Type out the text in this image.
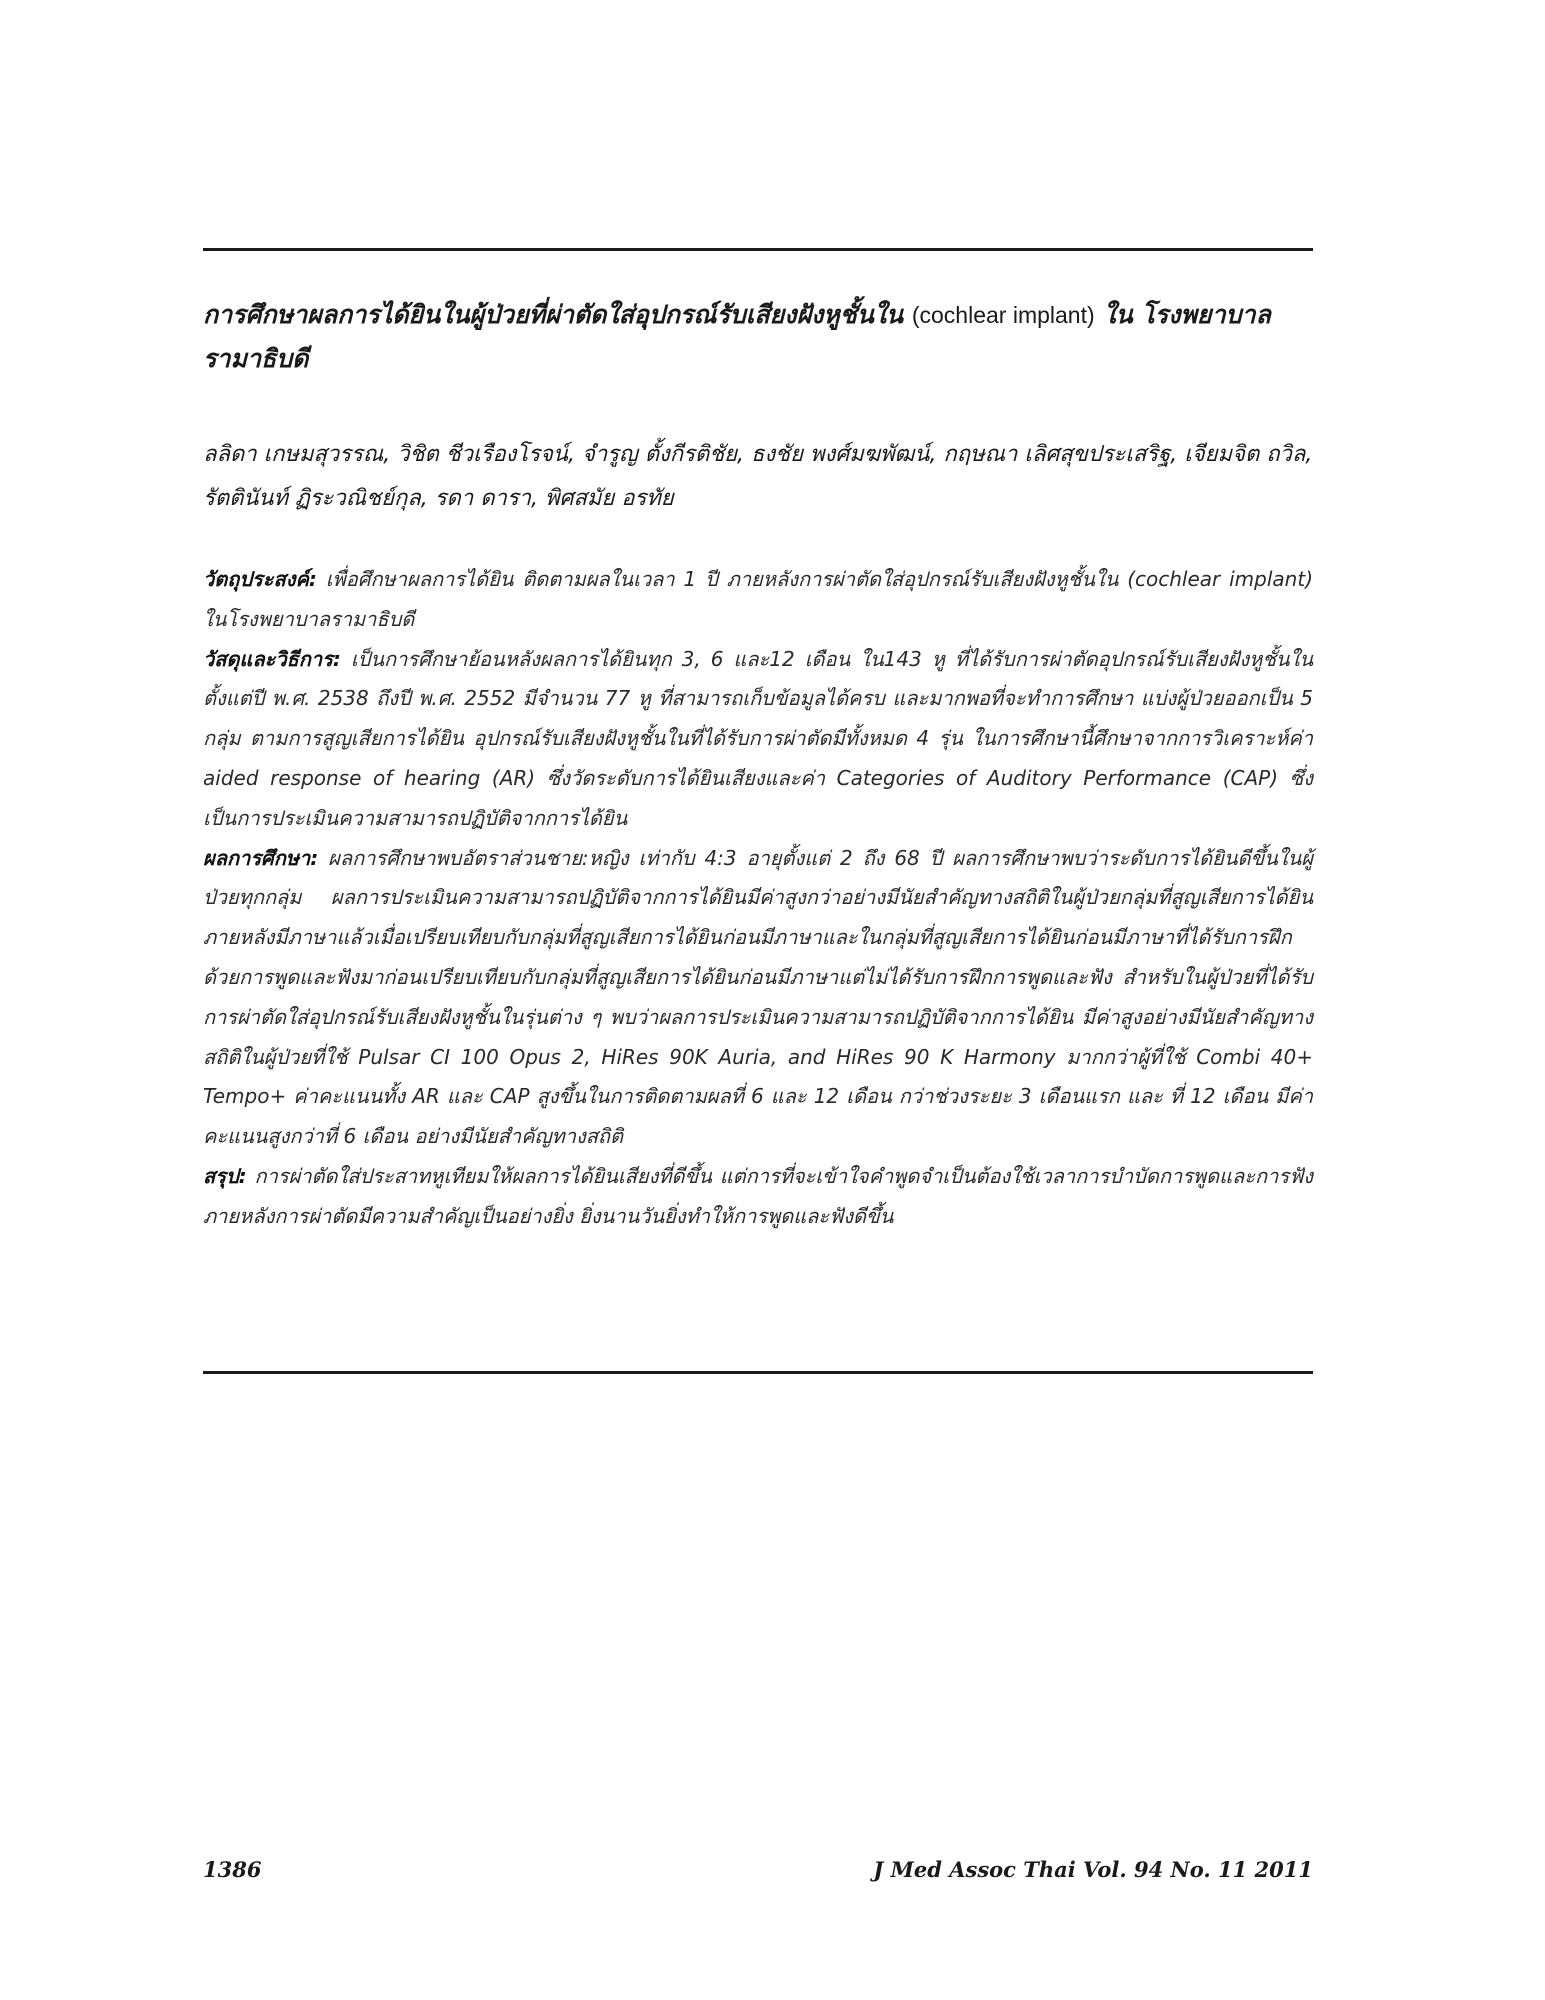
การศึกษาผลการได้ยินในผู้ป่วยที่ผ่าตัดใส่อุปกรณ์รับเสียงฝังหูชั้นใน (cochlear implant) ใน โรงพยาบาลรามาธิบดี

ลลิดา เกษมสุวรรณ, วิชิต ชีวเรืองโรจน์, จำรูญ ตั้งกีรติชัย, ธงชัย พงศ์มฆพัฒน์, กฤษณา เลิศสุขประเสริฐ, เจียมจิต ถวิล, รัตตินันท์ ฏิระวณิชย์กุล, รดา ดารา, พิศสมัย อรทัย

วัตถุประสงค์: เพื่อศึกษาผลการได้ยิน ติดตามผลในเวลา 1 ปี ภายหลังการผ่าตัดใส่อุปกรณ์รับเสียงฝังหูชั้นใน (cochlear implant) ในโรงพยาบาลรามาธิบดี

วัสดุและวิธีการ: เป็นการศึกษาย้อนหลังผลการได้ยินทุก 3, 6 และ12 เดือน ใน143 หู ที่ได้รับการผ่าตัดอุปกรณ์รับเสียงฝังหูชั้นใน ตั้งแต่ปี พ.ศ. 2538 ถึงปี พ.ศ. 2552 มีจำนวน 77 หู ที่สามารถเก็บข้อมูลได้ครบ และมากพอที่จะทำการศึกษา แบ่งผู้ป่วยออกเป็น 5 กลุ่ม ตามการสูญเสียการได้ยิน อุปกรณ์รับเสียงฝังหูชั้นในที่ได้รับการผ่าตัดมีทั้งหมด 4 รุ่น ในการศึกษานี้ศึกษาจากการวิเคราะห์ค่า aided response of hearing (AR) ซึ่งวัดระดับการได้ยินเสียงและค่า Categories of Auditory Performance (CAP) ซึ่งเป็นการประเมินความสามารถปฏิบัติจากการได้ยิน

ผลการศึกษา: ผลการศึกษาพบอัตราส่วนชาย:หญิง เท่ากับ 4:3 อายุตั้งแต่ 2 ถึง 68 ปี ผลการศึกษาพบว่าระดับการได้ยินดีขึ้นในผู้ป่วยทุกกลุ่ม ผลการประเมินความสามารถปฏิบัติจากการได้ยินมีค่าสูงกว่าอย่างมีนัยสำคัญทางสถิติในผู้ป่วยกลุ่มที่สูญเสียการได้ยินภายหลังมีภาษาแล้วเมื่อเปรียบเทียบกับกลุ่มที่สูญเสียการได้ยินก่อนมีภาษาและในกลุ่มที่สูญเสียการได้ยินก่อนมีภาษาที่ได้รับการฝึกด้วยการพูดและฟังมาก่อนเปรียบเทียบกับกลุ่มที่สูญเสียการได้ยินก่อนมีภาษาแต่ไม่ได้รับการฝึกการพูดและฟัง สำหรับในผู้ป่วยที่ได้รับการผ่าตัดใส่อุปกรณ์รับเสียงฝังหูชั้นในรุ่นต่าง ๆ พบว่าผลการประเมินความสามารถปฏิบัติจากการได้ยิน มีค่าสูงอย่างมีนัยสำคัญทางสถิติในผู้ป่วยที่ใช้ Pulsar CI 100 Opus 2, HiRes 90K Auria, and HiRes 90 K Harmony มากกว่าผู้ที่ใช้ Combi 40+ Tempo+ ค่าคะแนนทั้ง AR และ CAP สูงขึ้นในการติดตามผลที่ 6 และ 12 เดือน กว่าช่วงระยะ 3 เดือนแรก และ ที่ 12 เดือน มีค่าคะแนนสูงกว่าที่ 6 เดือน อย่างมีนัยสำคัญทางสถิติ

สรุป: การผ่าตัดใส่ประสาทหูเทียมให้ผลการได้ยินเสียงที่ดีขึ้น แต่การที่จะเข้าใจคำพูดจำเป็นต้องใช้เวลาการบำบัดการพูดและการฟังภายหลังการผ่าตัดมีความสำคัญเป็นอย่างยิ่ง ยิ่งนานวันยิ่งทำให้การพูดและฟังดีขึ้น

1386	J Med Assoc Thai Vol. 94 No. 11 2011
